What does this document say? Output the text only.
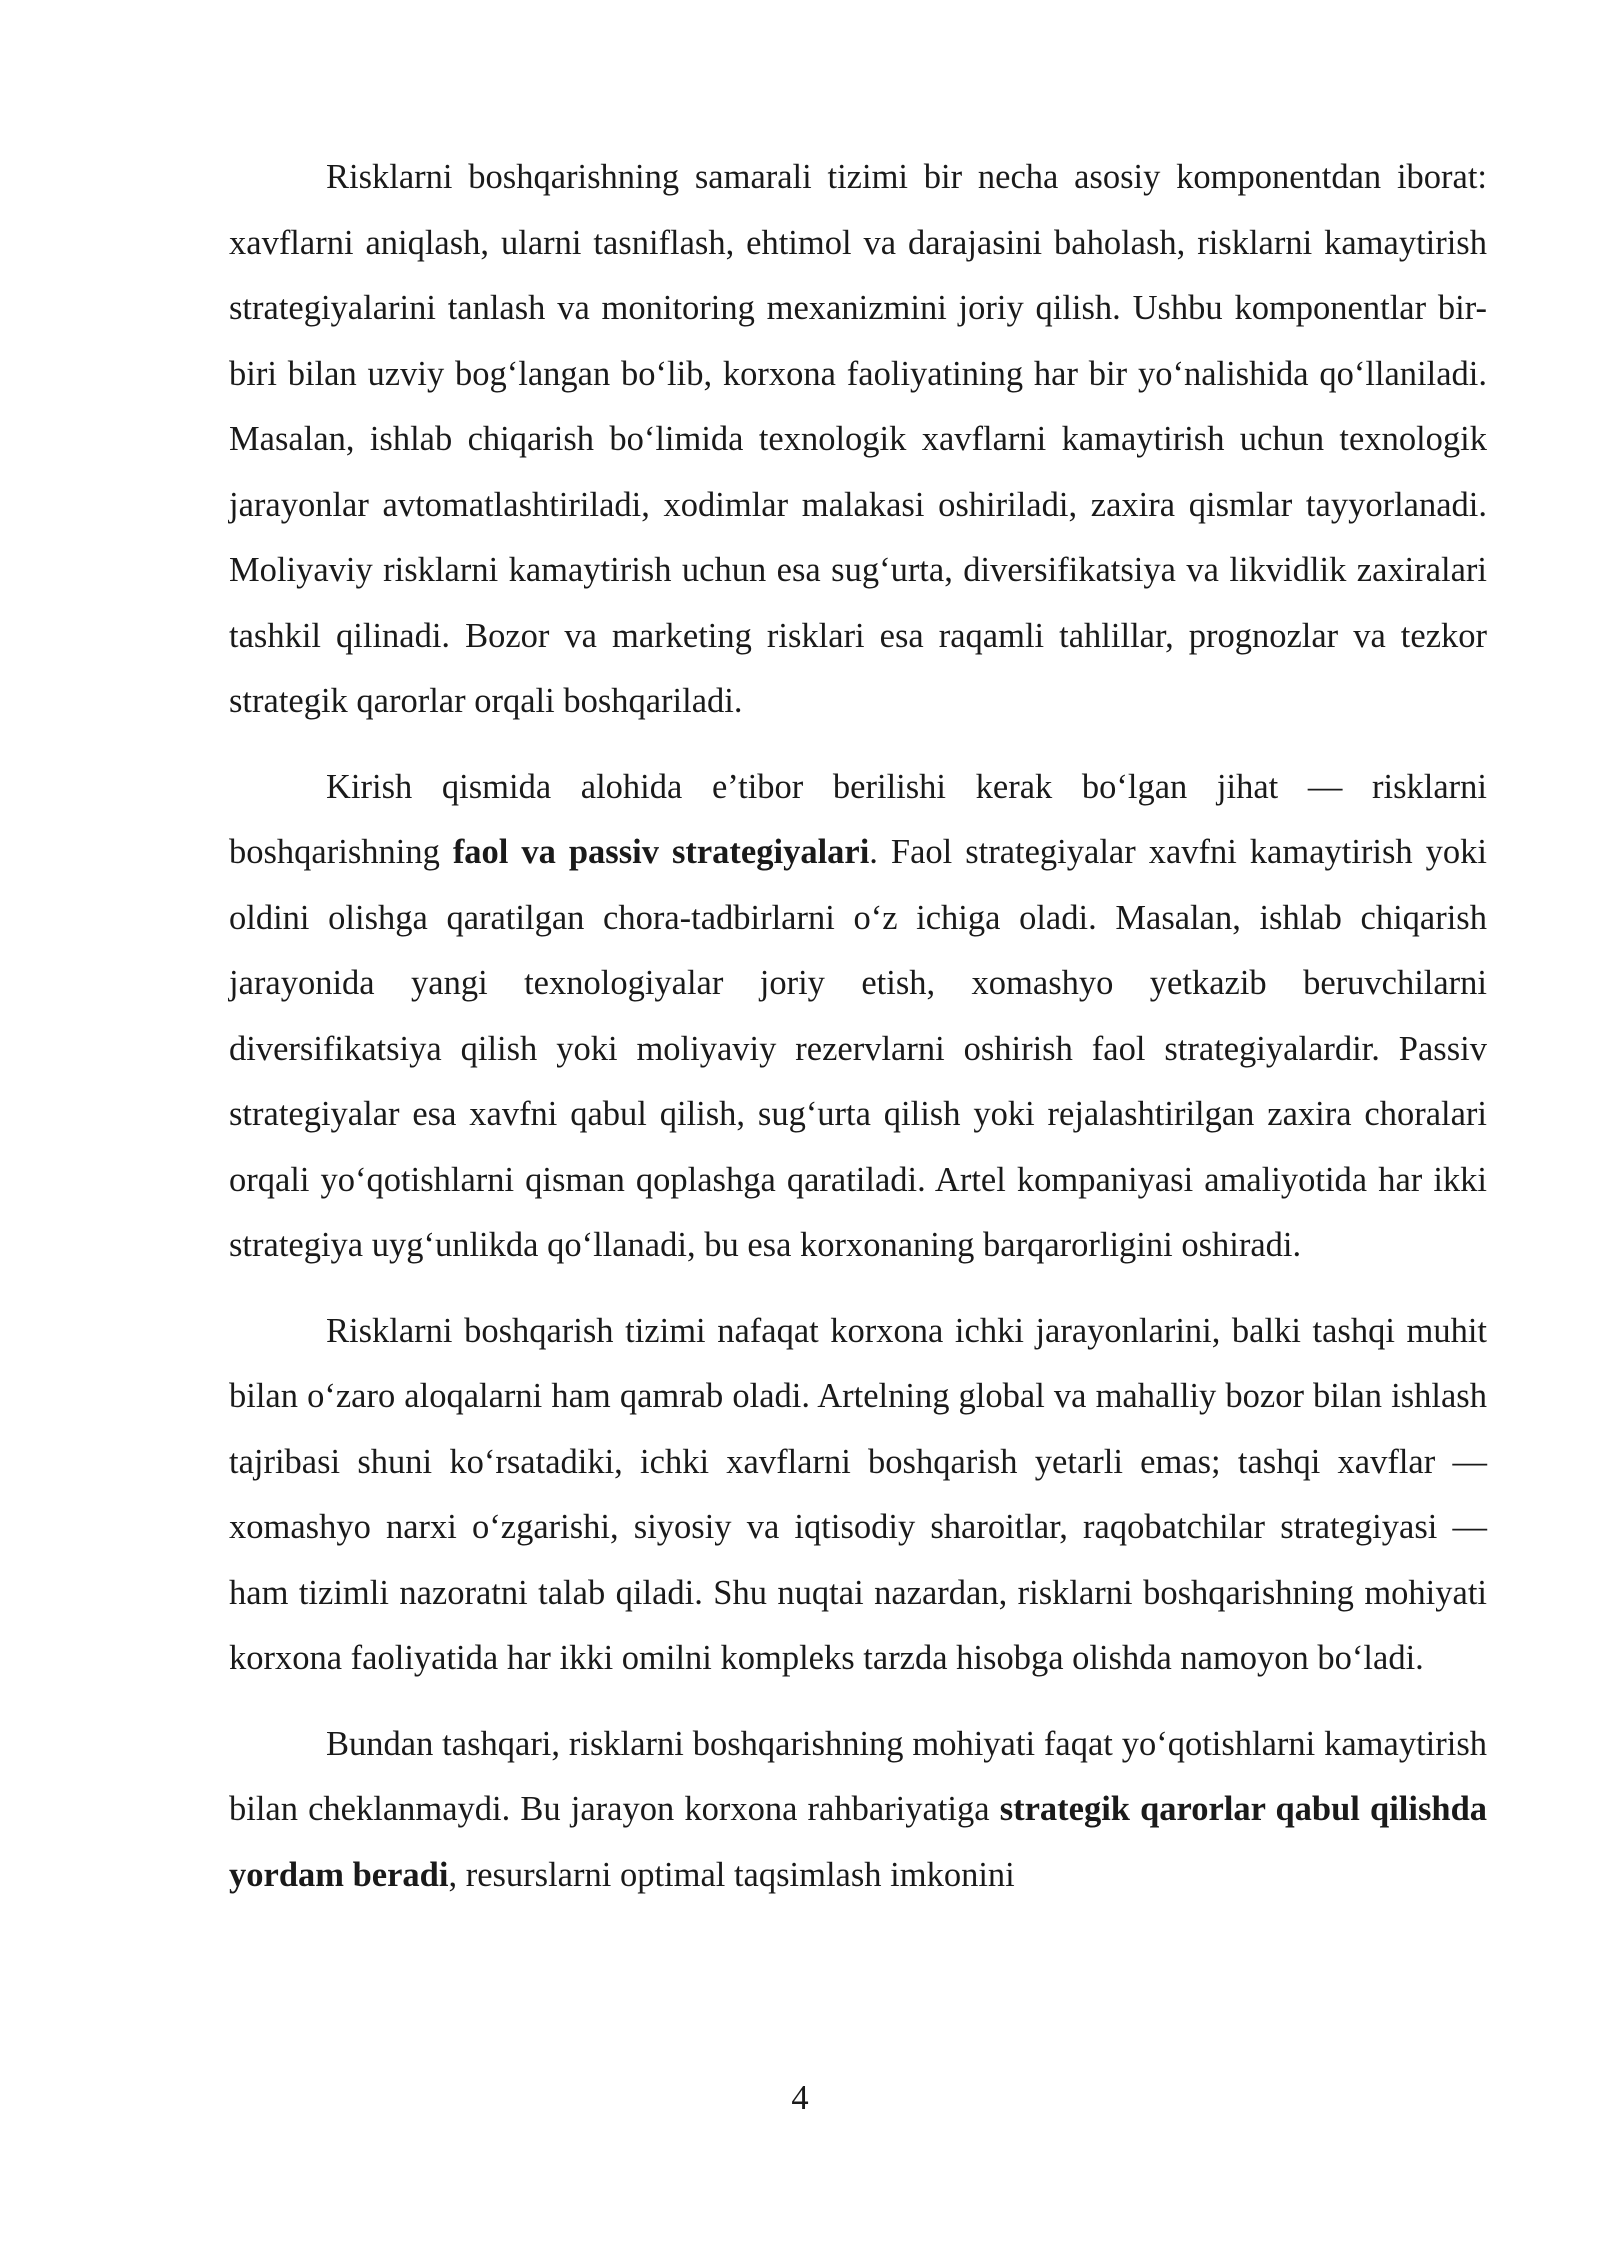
Risklarni boshqarishning samarali tizimi bir necha asosiy komponentdan iborat: xavflarni aniqlash, ularni tasniflash, ehtimol va darajasini baholash, risklarni kamaytirish strategiyalarini tanlash va monitoring mexanizmini joriy qilish. Ushbu komponentlar bir-biri bilan uzviy bog‘langan bo‘lib, korxona faoliyatining har bir yo‘nalishida qo‘llaniladi. Masalan, ishlab chiqarish bo‘limida texnologik xavflarni kamaytirish uchun texnologik jarayonlar avtomatlashtiriladi, xodimlar malakasi oshiriladi, zaxira qismlar tayyorlanadi. Moliyaviy risklarni kamaytirish uchun esa sug‘urta, diversifikatsiya va likvidlik zaxiralari tashkil qilinadi. Bozor va marketing risklari esa raqamli tahlillar, prognozlar va tezkor strategik qarorlar orqali boshqariladi.

Kirish qismida alohida e’tibor berilishi kerak bo‘lgan jihat — risklarni boshqarishning faol va passiv strategiyalari. Faol strategiyalar xavfni kamaytirish yoki oldini olishga qaratilgan chora-tadbirlarni o‘z ichiga oladi. Masalan, ishlab chiqarish jarayonida yangi texnologiyalar joriy etish, xomashyo yetkazib beruvchilarni diversifikatsiya qilish yoki moliyaviy rezervlarni oshirish faol strategiyalardir. Passiv strategiyalar esa xavfni qabul qilish, sug‘urta qilish yoki rejalashtirilgan zaxira choralari orqali yo‘qotishlarni qisman qoplashga qaratiladi. Artel kompaniyasi amaliyotida har ikki strategiya uyg‘unlikda qo‘llanadi, bu esa korxonaning barqarorligini oshiradi.

Risklarni boshqarish tizimi nafaqat korxona ichki jarayonlarini, balki tashqi muhit bilan o‘zaro aloqalarni ham qamrab oladi. Artelning global va mahalliy bozor bilan ishlash tajribasi shuni ko‘rsatadiki, ichki xavflarni boshqarish yetarli emas; tashqi xavflar — xomashyo narxi o‘zgarishi, siyosiy va iqtisodiy sharoitlar, raqobatchilar strategiyasi — ham tizimli nazoratni talab qiladi. Shu nuqtai nazardan, risklarni boshqarishning mohiyati korxona faoliyatida har ikki omilni kompleks tarzda hisobga olishda namoyon bo‘ladi.

Bundan tashqari, risklarni boshqarishning mohiyati faqat yo‘qotishlarni kamaytirish bilan cheklanmaydi. Bu jarayon korxona rahbariyatiga strategik qarorlar qabul qilishda yordam beradi, resurslarni optimal taqsimlash imkonini

4
